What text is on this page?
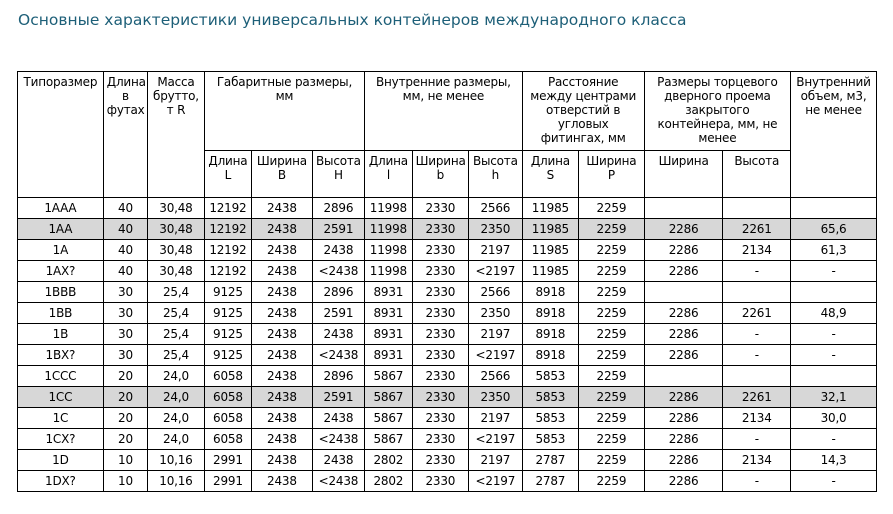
Основные характеристики универсальных контейнеров международного класса
Типоразмер	Длина в футах	Масса брутто, т R	Габаритные размеры, мм			Внутренние размеры, мм, не менее			Расстояние между центрами отверстий в угловых фитингах, мм		Размеры торцевого дверного проема закрытого контейнера, мм, не менее		Внутренний объем, м3, не менее
			Длина L	Ширина B	Высота H	Длина l	Ширина b	Высота h	Длина S	Ширина P	Ширина	Высота	
1AAA	40	30,48	12192	2438	2896	11998	2330	2566	11985	2259			
1AA	40	30,48	12192	2438	2591	11998	2330	2350	11985	2259	2286	2261	65,6
1A	40	30,48	12192	2438	2438	11998	2330	2197	11985	2259	2286	2134	61,3
1AX?	40	30,48	12192	2438	<2438	11998	2330	<2197	11985	2259	2286	-	-
1BBB	30	25,4	9125	2438	2896	8931	2330	2566	8918	2259			
1BB	30	25,4	9125	2438	2591	8931	2330	2350	8918	2259	2286	2261	48,9
1B	30	25,4	9125	2438	2438	8931	2330	2197	8918	2259	2286	-	-
1BX?	30	25,4	9125	2438	<2438	8931	2330	<2197	8918	2259	2286	-	-
1CCC	20	24,0	6058	2438	2896	5867	2330	2566	5853	2259			
1CC	20	24,0	6058	2438	2591	5867	2330	2350	5853	2259	2286	2261	32,1
1C	20	24,0	6058	2438	2438	5867	2330	2197	5853	2259	2286	2134	30,0
1CX?	20	24,0	6058	2438	<2438	5867	2330	<2197	5853	2259	2286	-	-
1D	10	10,16	2991	2438	2438	2802	2330	2197	2787	2259	2286	2134	14,3
1DX?	10	10,16	2991	2438	<2438	2802	2330	<2197	2787	2259	2286	-	-
